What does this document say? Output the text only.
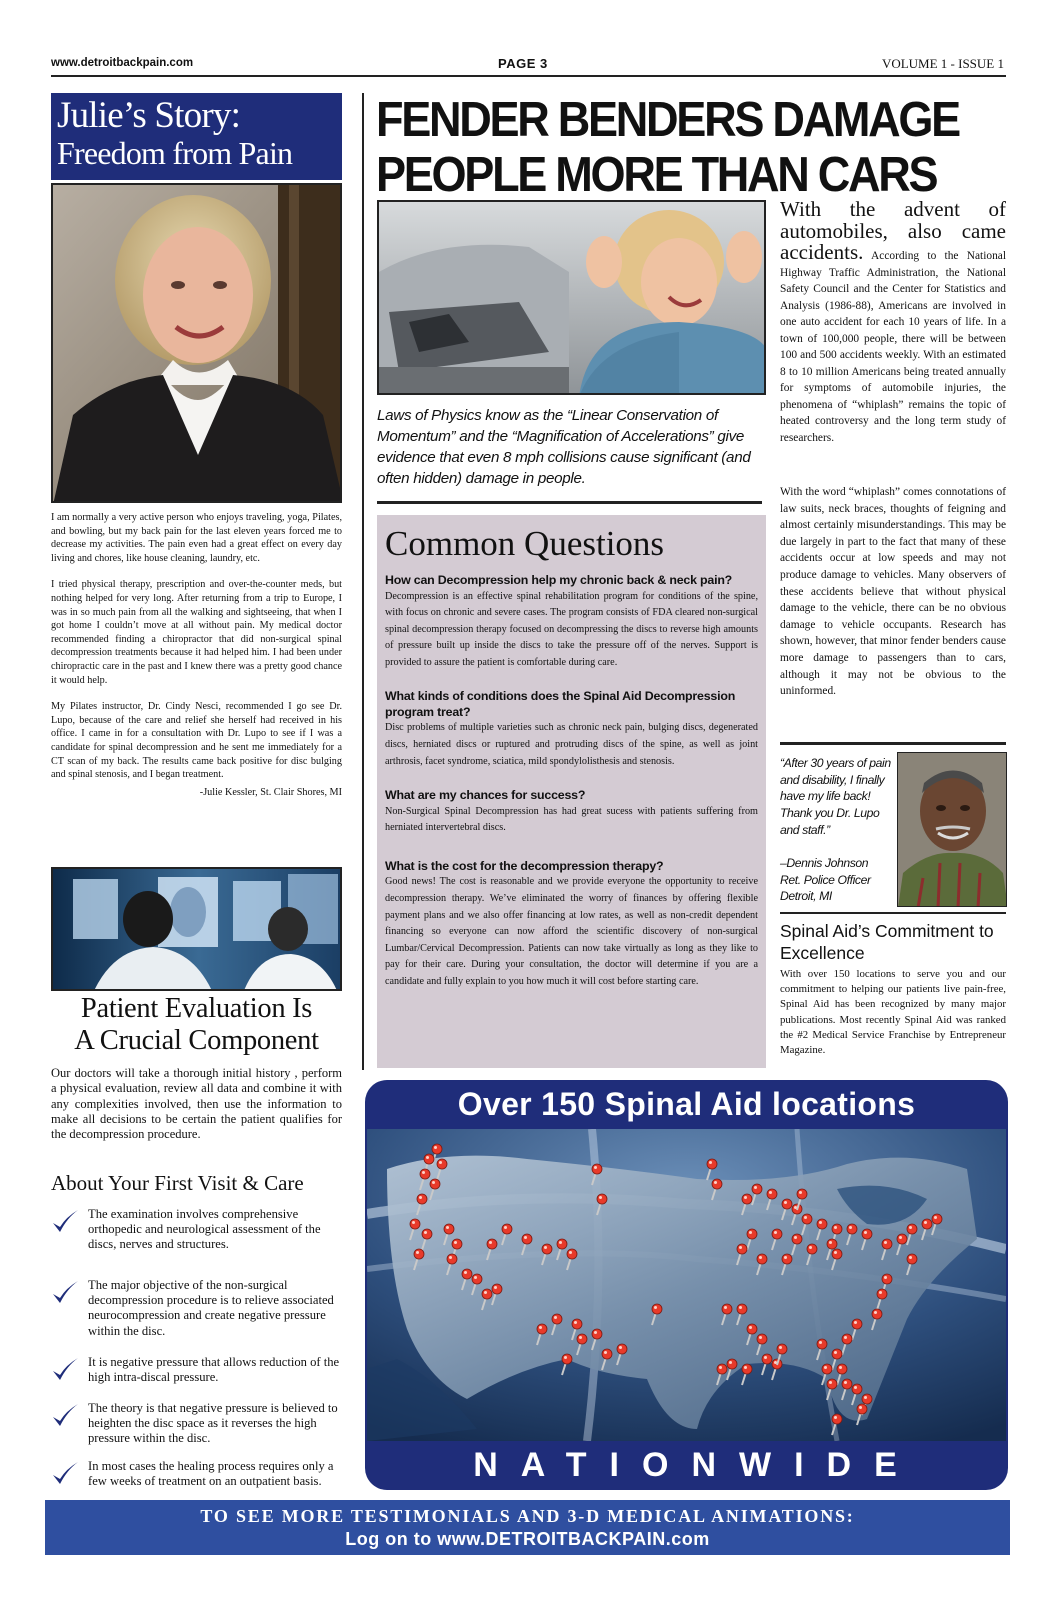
www.detroitbackpain.com	PAGE 3	VOLUME 1 - ISSUE 1
Julie’s Story:
Freedom from Pain

I am normally a very active person who enjoys traveling, yoga, Pilates, and bowling, but my back pain for the last eleven years forced me to decrease my activities. The pain even had a great effect on every day living and chores, like house cleaning, laundry, etc.

I tried physical therapy, prescription and over-the-counter meds, but nothing helped for very long. After returning from a trip to Europe, I was in so much pain from all the walking and sightseeing, that when I got home I couldn’t move at all without pain. My medical doctor recommended finding a chiropractor that did non-surgical spinal decompression treatments because it had helped him. I had been under chiropractic care in the past and I knew there was a pretty good chance it would help.

My Pilates instructor, Dr. Cindy Nesci, recommended I go see Dr. Lupo, because of the care and relief she herself had received in his office. I came in for a consultation with Dr. Lupo to see if I was a candidate for spinal decompression and he sent me immediately for a CT scan of my back. The results came back positive for disc bulging and spinal stenosis, and I began treatment.

-Julie Kessler, St. Clair Shores, MI
Patient Evaluation Is
A Crucial Component

Our doctors will take a thorough initial history , perform a physical evaluation, review all data and combine it with any complexities involved, then use the information to make all decisions to be certain the patient qualifies for the decompression procedure.

About Your First Visit & Care
The examination involves comprehensive orthopedic and neurological assessment of the discs, nerves and structures.
The major objective of the non-surgical decompression procedure is to relieve associated neurocompression and create negative pressure within the disc.
It is negative pressure that allows reduction of the high intra-discal pressure.
The theory is that negative pressure is believed to heighten the disc space as it reverses the high pressure within the disc.
In most cases the healing process requires only a few weeks of treatment on an outpatient basis.
FENDER BENDERS DAMAGE
PEOPLE MORE THAN CARS

Laws of Physics know as the “Linear Conservation of Momentum” and the “Magnification of Accelerations” give evidence that even 8 mph collisions cause significant (and often hidden) damage in people.

Common Questions
How can Decompression help my chronic back & neck pain?

Decompression is an effective spinal rehabilitation program for conditions of the spine, with focus on chronic and severe cases. The program consists of FDA cleared non-surgical spinal decompression therapy focused on decompressing the discs to reverse high amounts of pressure built up inside the discs to take the pressure off of the nerves. Support is provided to assure the patient is comfortable during care.

What kinds of conditions does the Spinal Aid Decompression program treat?

Disc problems of multiple varieties such as chronic neck pain, bulging discs, degenerated discs, herniated discs or ruptured and protruding discs of the spine, as well as joint arthrosis, facet syndrome, sciatica, mild spondylolisthesis and stenosis.

What are my chances for success?

Non-Surgical Spinal Decompression has had great sucess with patients suffering from herniated intervertebral discs.

What is the cost for the decompression therapy?

Good news! The cost is reasonable and we provide everyone the opportunity to receive decompression therapy. We’ve eliminated the worry of finances by offering flexible payment plans and we also offer financing at low rates, as well as non-credit dependent financing so everyone can now afford the scientific discovery of non-surgical Lumbar/Cervical Decompression. Patients can now take virtually as long as they like to pay for their care. During your consultation, the doctor will determine if you are a candidate and fully explain to you how much it will cost before starting care.

With the advent of automobiles, also came accidents. According to the National Highway Traffic Administration, the National Safety Council and the Center for Statistics and Analysis (1986-88), Americans are involved in one auto accident for each 10 years of life. In a town of 100,000 people, there will be between 100 and 500 accidents weekly. With an estimated 8 to 10 million Americans being treated annually for symptoms of automobile injuries, the phenomena of “whiplash” remains the topic of heated controversy and the long term study of researchers.

With the word “whiplash” comes connotations of law suits, neck braces, thoughts of feigning and almost certainly misunderstandings. This may be due largely in part to the fact that many of these accidents occur at low speeds and may not produce damage to vehicles. Many observers of these accidents believe that without physical damage to the vehicle, there can be no obvious damage to vehicle occupants. Research has shown, however, that minor fender benders cause more damage to passengers than to cars, although it may not be obvious to the uninformed.

“After 30 years of pain and disability, I finally have my life back! Thank you Dr. Lupo and staff.”
–Dennis Johnson
Ret. Police Officer
Detroit, MI
Spinal Aid’s Commitment to Excellence

With over 150 locations to serve you and our commitment to helping our patients live pain-free, Spinal Aid has been recognized by many major publications. Most recently Spinal Aid was ranked the #2 Medical Service Franchise by Entrepreneur Magazine.

Over 150 Spinal Aid locations
NATIONWIDE
TO SEE MORE TESTIMONIALS AND 3-D MEDICAL ANIMATIONS:
Log on to www.DETROITBACKPAIN.com
